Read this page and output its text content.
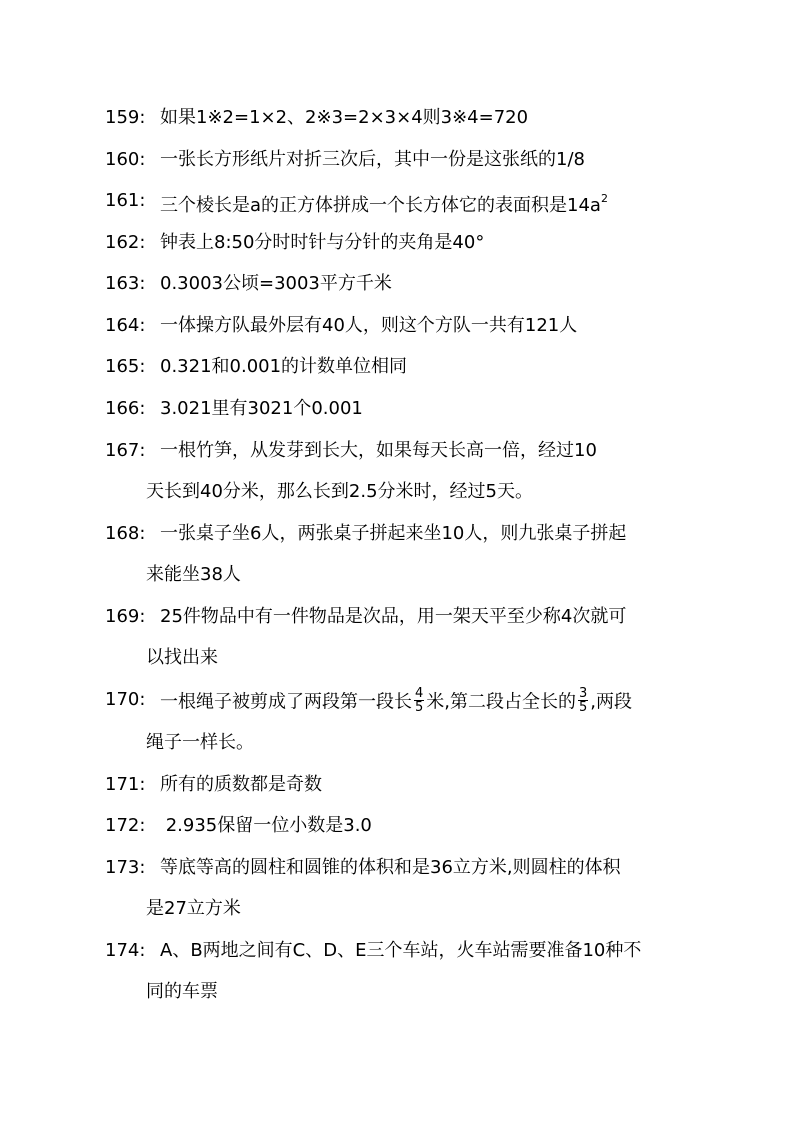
159: 如果1※2=1×2、2※3=2×3×4则3※4=720
160: 一张长方形纸片对折三次后，其中一份是这张纸的1/8
161: 三个棱长是a的正方体拼成一个长方体它的表面积是$14a^2$
162: 钟表上8:50分时时针与分针的夹角是40°
163: 0.3003公顷=3003平方千米
164: 一体操方队最外层有40人，则这个方队一共有121人
165: 0.321和0.001的计数单位相同
166: 3.021里有3021个0.001
167: 一根竹笋，从发芽到长大，如果每天长高一倍，经过10
天长到40分米，那么长到2.5分米时，经过5天。
168: 一张桌子坐6人，两张桌子拼起来坐10人，则九张桌子拼起
来能坐38人
169: 25件物品中有一件物品是次品，用一架天平至少称4次就可
以找出来
170: 一根绳子被剪成了两段第一段长 $\frac{4}{5}$ 米,第二段占全长的 $\frac{3}{5}$ ,两段
绳子一样长。
171: 所有的质数都是奇数
172: 2.935保留一位小数是3.0
173: 等底等高的圆柱和圆锥的体积和是36立方米,则圆柱的体积
是27立方米
174: A、B两地之间有C、D、E三个车站，火车站需要准备10种不
同的车票
